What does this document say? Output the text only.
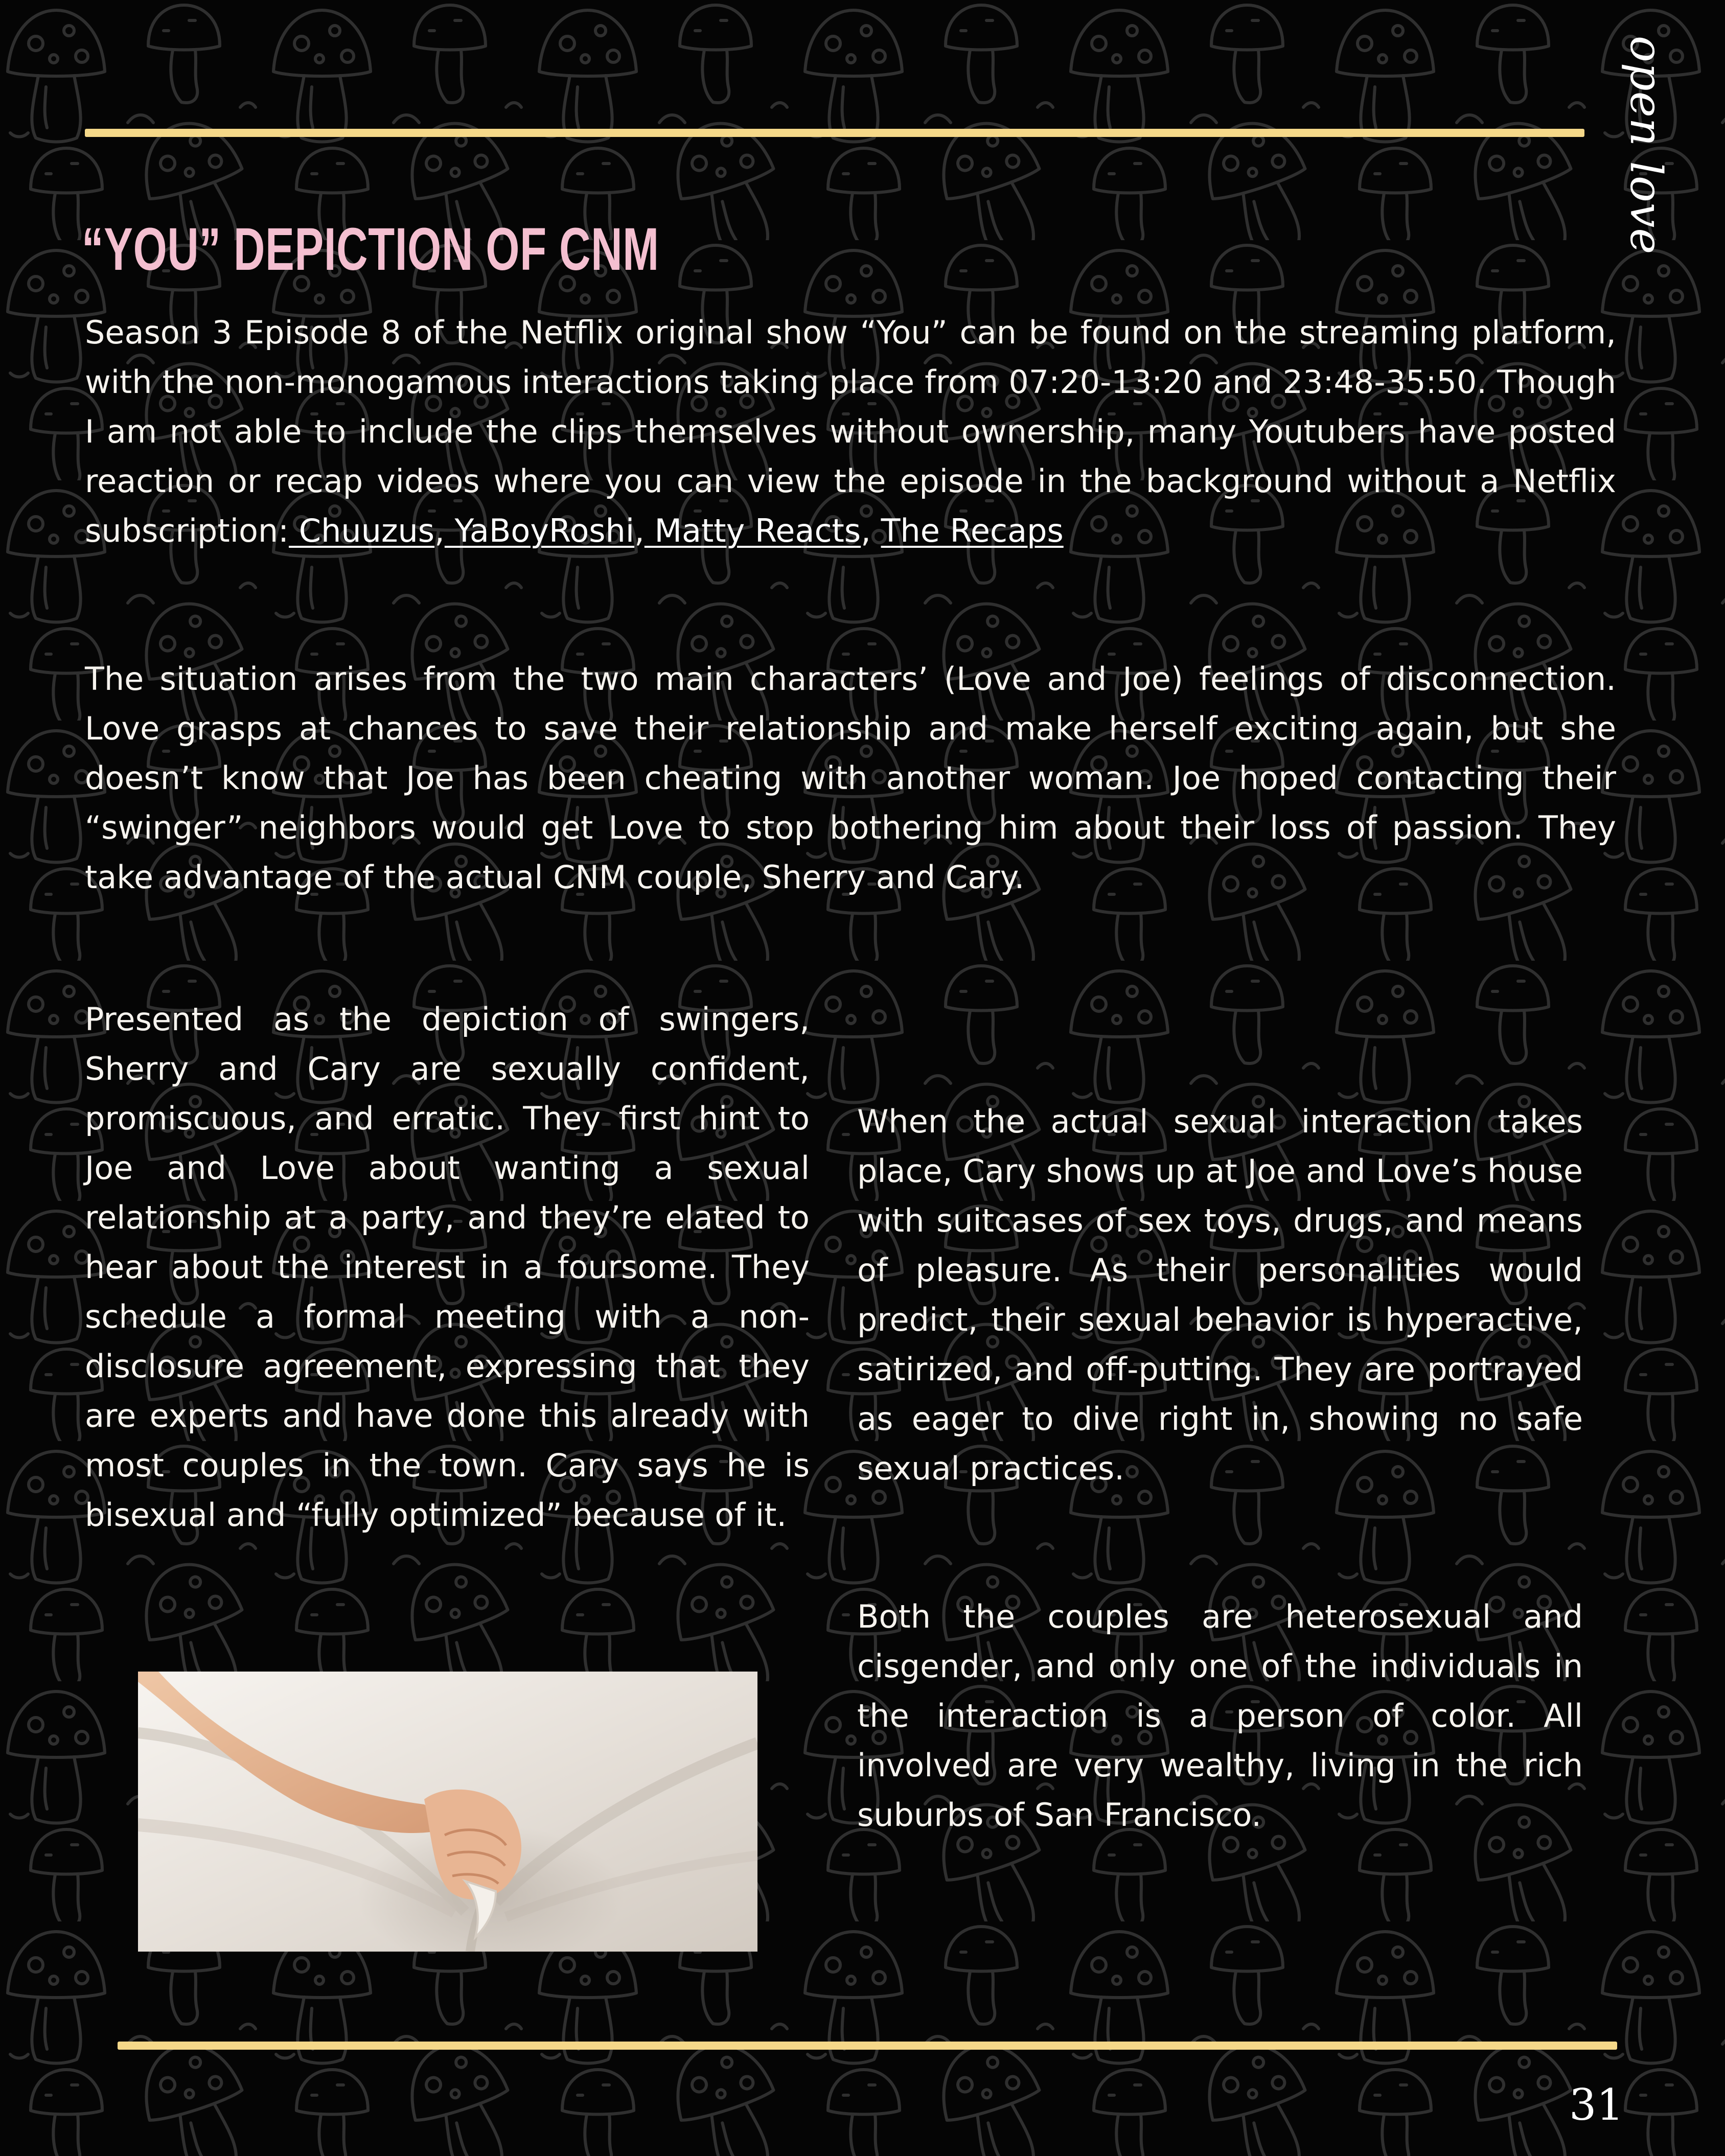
open love
“YOU” DEPICTION OF CNM

Season 3 Episode 8 of the Netflix original show “You” can be found on the streaming platform, with the non-monogamous interactions taking place from 07:20-13:20 and 23:48-35:50. Though I am not able to include the clips themselves without ownership, many Youtubers have posted reaction or recap videos where you can view the episode in the background without a Netflix subscription: Chuuzus, YaBoyRoshi, Matty Reacts, The Recaps

The situation arises from the two main characters’ (Love and Joe) feelings of disconnection. Love grasps at chances to save their relationship and make herself exciting again, but she doesn’t know that Joe has been cheating with another woman. Joe hoped contacting their “swinger” neighbors would get Love to stop bothering him about their loss of passion. They take advantage of the actual CNM couple, Sherry and Cary.

Presented as the depiction of swingers, Sherry and Cary are sexually confident, promiscuous, and erratic. They first hint to Joe and Love about wanting a sexual relationship at a party, and they’re elated to hear about the interest in a foursome. They schedule a formal meeting with a non-disclosure agreement, expressing that they are experts and have done this already with most couples in the town. Cary says he is bisexual and “fully optimized” because of it.

When the actual sexual interaction takes place, Cary shows up at Joe and Love’s house with suitcases of sex toys, drugs, and means of pleasure. As their personalities would predict, their sexual behavior is hyperactive, satirized, and off-putting. They are portrayed as eager to dive right in, showing no safe sexual practices.

Both the couples are heterosexual and cisgender, and only one of the individuals in the interaction is a person of color. All involved are very wealthy, living in the rich suburbs of San Francisco.

31
